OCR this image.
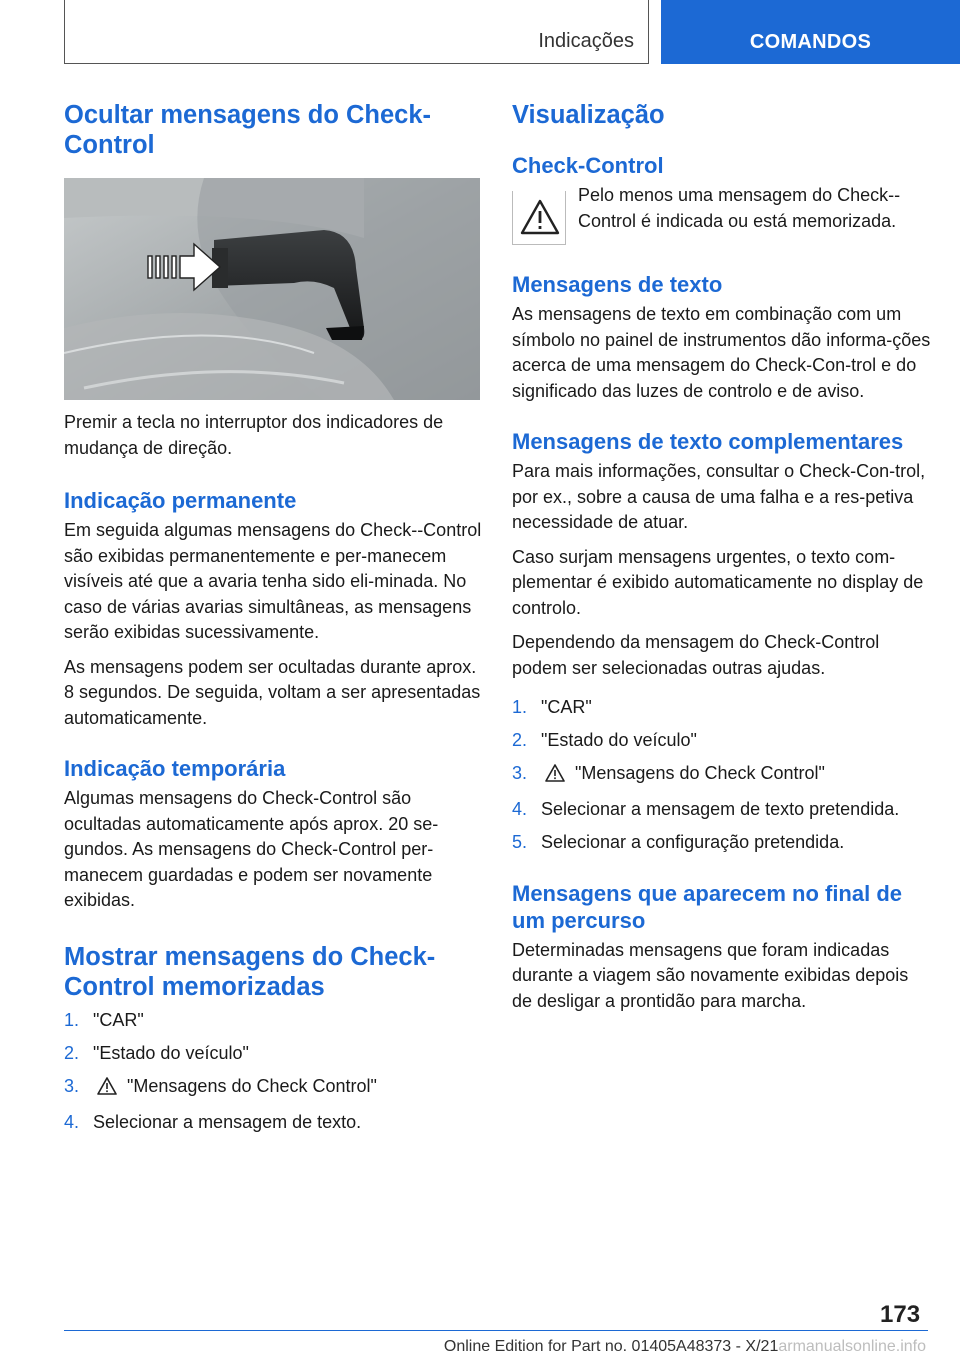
Indicações	COMANDOS
Ocultar mensagens do Check-Control

Premir a tecla no interruptor dos indicadores de mudança de direção.

Indicação permanente

Em seguida algumas mensagens do Check--Control são exibidas permanentemente e per-manecem visíveis até que a avaria tenha sido eli-minada. No caso de várias avarias simultâneas, as mensagens serão exibidas sucessivamente.

As mensagens podem ser ocultadas durante aprox. 8 segundos. De seguida, voltam a ser apresentadas automaticamente.

Indicação temporária

Algumas mensagens do Check-Control são ocultadas automaticamente após aprox. 20 se-gundos. As mensagens do Check-Control per-manecem guardadas e podem ser novamente exibidas.

Mostrar mensagens do Check-Control memorizadas
1. "CAR"
2. "Estado do veículo"
3.	"Mensagens do Check Control"
4. Selecionar a mensagem de texto.
Visualização
Check-Control

Pelo menos uma mensagem do Check--Control é indicada ou está memorizada.

Mensagens de texto

As mensagens de texto em combinação com um símbolo no painel de instrumentos dão informa-ções acerca de uma mensagem do Check-Con-trol e do significado das luzes de controlo e de aviso.

Mensagens de texto complementares

Para mais informações, consultar o Check-Con-trol, por ex., sobre a causa de uma falha e a res-petiva necessidade de atuar.

Caso surjam mensagens urgentes, o texto com-plementar é exibido automaticamente no display de controlo.

Dependendo da mensagem do Check-Control podem ser selecionadas outras ajudas.

1. "CAR"
2. "Estado do veículo"
3.	"Mensagens do Check Control"
4. Selecionar a mensagem de texto pretendida.
5. Selecionar a configuração pretendida.
Mensagens que aparecem no final de um percurso

Determinadas mensagens que foram indicadas durante a viagem são novamente exibidas depois de desligar a prontidão para marcha.

173
Online Edition for Part no. 01405A48373 - X/21armanualsonline.info
